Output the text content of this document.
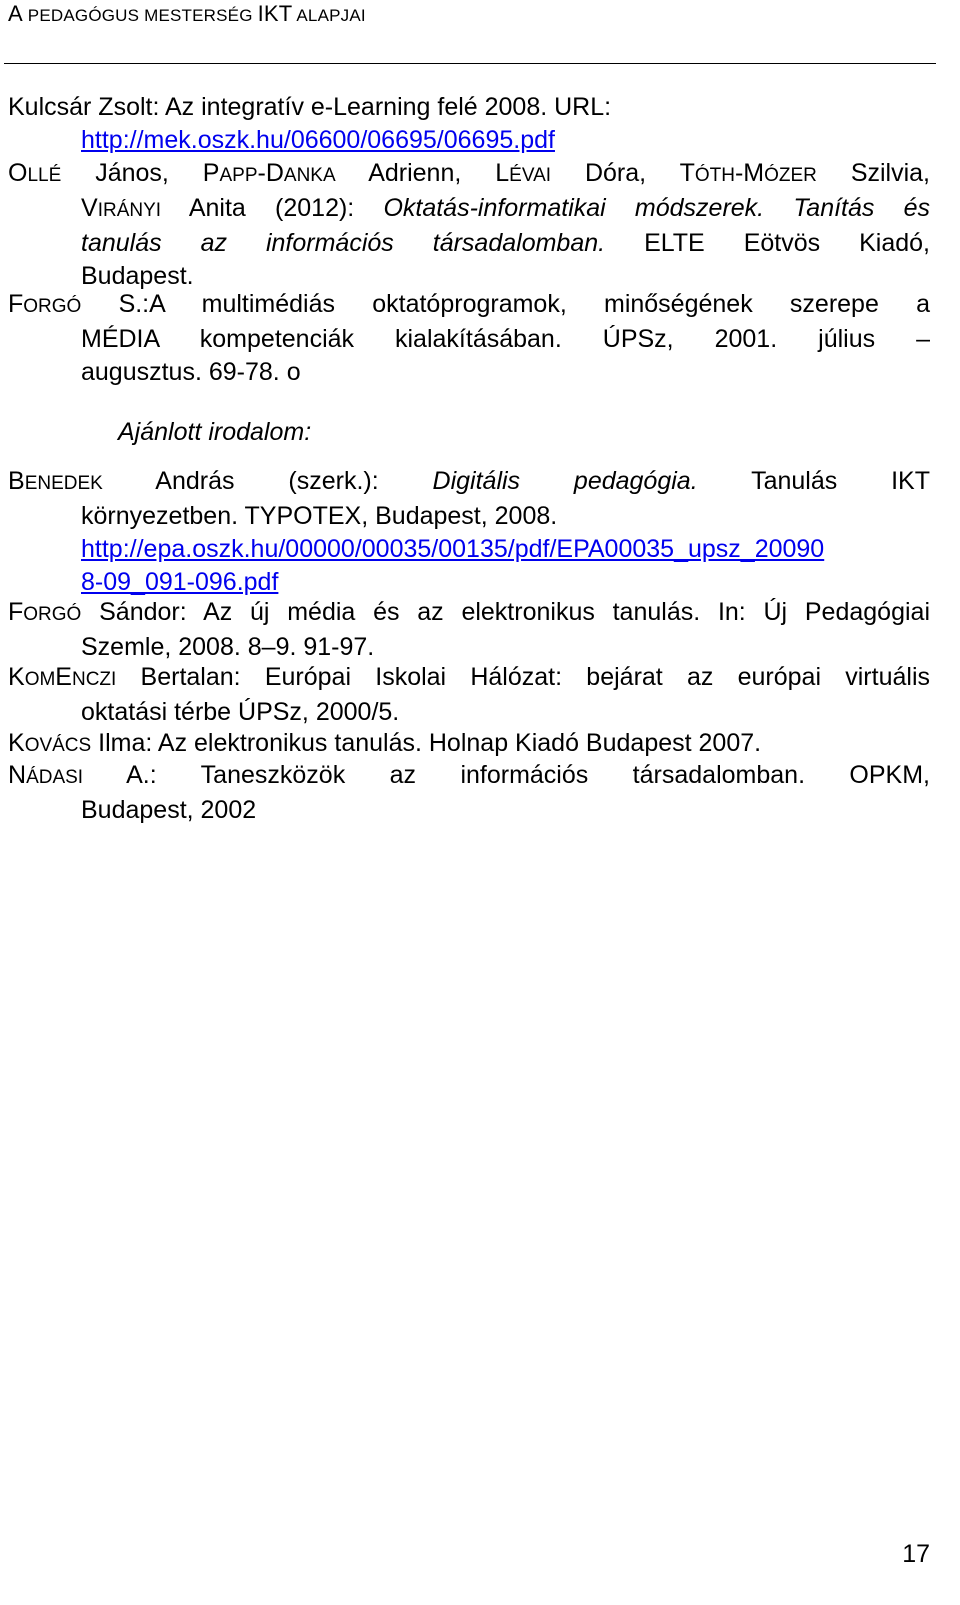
A PEDAGÓGUS MESTERSÉG IKT ALAPJAI
Kulcsár Zsolt: Az integratív e-Learning felé 2008. URL:
http://mek.oszk.hu/06600/06695/06695.pdf
OLLÉ János, PAPP-DANKA Adrienn, LÉVAI Dóra, TÓTH-MÓZER Szilvia,
VIRÁNYI Anita (2012): Oktatás-informatikai módszerek. Tanítás és
tanulás az információs társadalomban. ELTE Eötvös Kiadó,
Budapest.
FORGÓ S.:A multimédiás oktatóprogramok, minőségének szerepe a
MÉDIA kompetenciák kialakításában. ÚPSz, 2001. július –
augusztus. 69-78. o
Ajánlott irodalom:
BENEDEK András (szerk.): Digitális pedagógia. Tanulás IKT
környezetben. TYPOTEX, Budapest, 2008.
http://epa.oszk.hu/00000/00035/00135/pdf/EPA00035_upsz_20090
8-09_091-096.pdf
FORGÓ Sándor: Az új média és az elektronikus tanulás. In: Új Pedagógiai
Szemle, 2008. 8–9. 91-97.
KOMENCZI Bertalan: Európai Iskolai Hálózat: bejárat az európai virtuális
oktatási térbe ÚPSz, 2000/5.
KOVÁCS Ilma: Az elektronikus tanulás. Holnap Kiadó Budapest 2007.
NÁDASI A.: Taneszközök az információs társadalomban. OPKM,
Budapest, 2002
17
